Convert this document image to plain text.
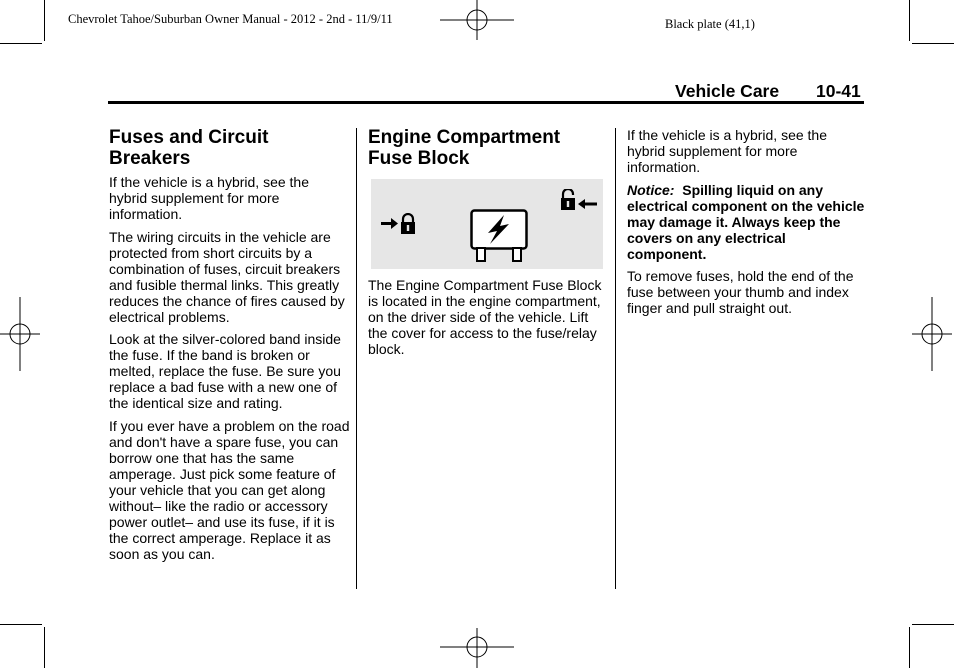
Chevrolet Tahoe/Suburban Owner Manual - 2012 - 2nd - 11/9/11	Black plate (41,1)
Vehicle Care 10-41
Fuses and Circuit Breakers

If the vehicle is a hybrid, see the hybrid supplement for more information.

The wiring circuits in the vehicle are protected from short circuits by a combination of fuses, circuit breakers and fusible thermal links. This greatly reduces the chance of fires caused by electrical problems.

Look at the silver-colored band inside the fuse. If the band is broken or melted, replace the fuse. Be sure you replace a bad fuse with a new one of the identical size and rating.

If you ever have a problem on the road and don't have a spare fuse, you can borrow one that has the same amperage. Just pick some feature of your vehicle that you can get along without– like the radio or accessory power outlet– and use its fuse, if it is the correct amperage. Replace it as soon as you can.

Engine Compartment Fuse Block

The Engine Compartment Fuse Block is located in the engine compartment, on the driver side of the vehicle. Lift the cover for access to the fuse/relay block.

If the vehicle is a hybrid, see the hybrid supplement for more information.

Notice: Spilling liquid on any electrical component on the vehicle may damage it. Always keep the covers on any electrical component.

To remove fuses, hold the end of the fuse between your thumb and index finger and pull straight out.
